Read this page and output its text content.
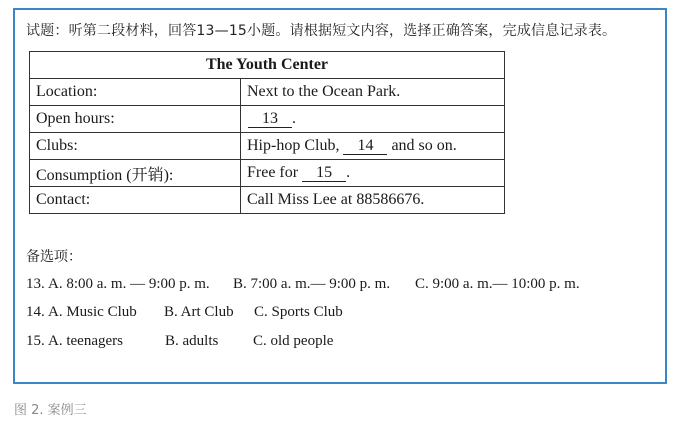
试题：听第二段材料，回答13—15小题。请根据短文内容，选择正确答案，完成信息记录表。
The Youth Center	
Location:	Next to the Ocean Park.
Open hours:	13 .
Clubs:	Hip-hop Club, 14 and so on.
Consumption (开销):	Free for 15 .
Contact:	Call Miss Lee at 88586676.
备选项：
13. A. 8:00 a. m. — 9:00 p. m. B. 7:00 a. m.— 9:00 p. m. C. 9:00 a. m.— 10:00 p. m.
14. A. Music Club B. Art Club C. Sports Club
15. A. teenagers	B. adults C. old people
图 2. 案例三
